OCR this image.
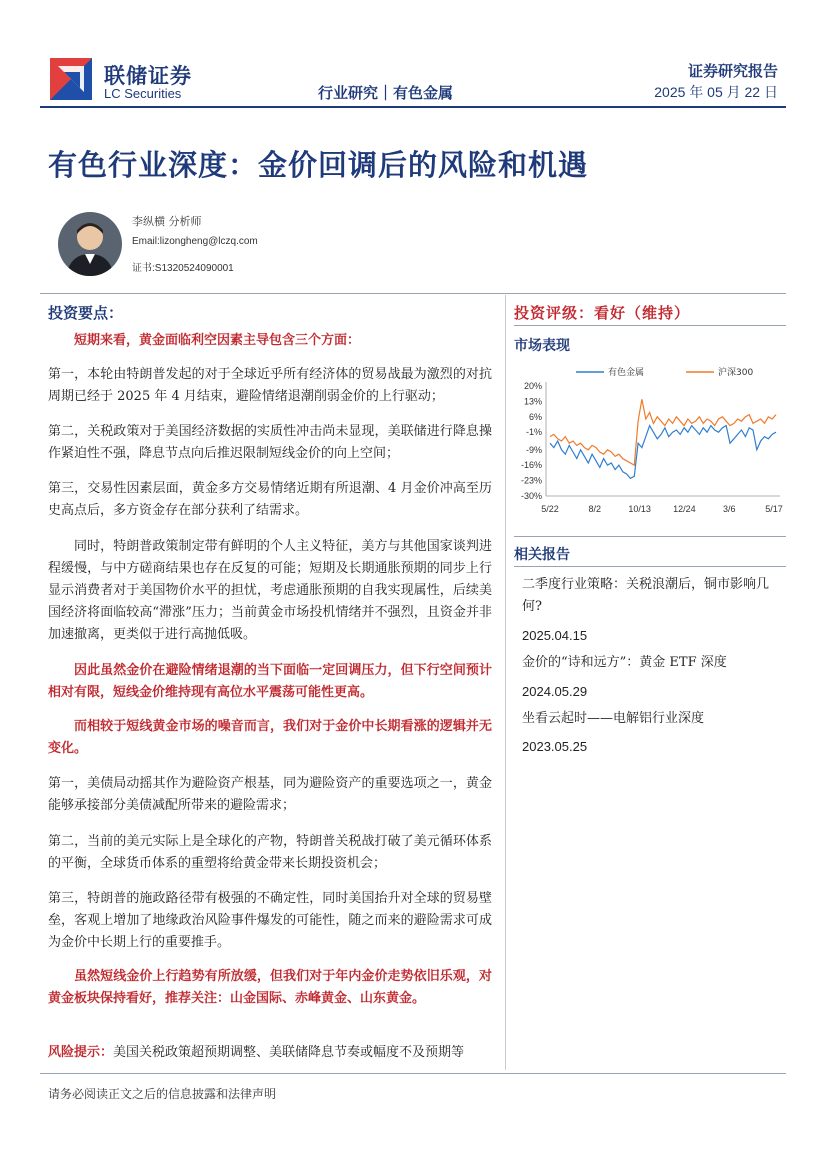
联储证券
LC Securities	行业研究｜有色金属
证券研究报告
2025 年 05 月 22 日
有色行业深度：金价回调后的风险和机遇
李纵横 分析师
Email:lizongheng@lczq.com
证书:S1320524090001
投资要点：

短期来看，黄金面临利空因素主导包含三个方面：

第一，本轮由特朗普发起的对于全球近乎所有经济体的贸易战最为激烈的对抗周期已经于 2025 年 4 月结束，避险情绪退潮削弱金价的上行驱动；

第二，关税政策对于美国经济数据的实质性冲击尚未显现，美联储进行降息操作紧迫性不强，降息节点向后推迟限制短线金价的向上空间；

第三，交易性因素层面，黄金多方交易情绪近期有所退潮、4 月金价冲高至历史高点后，多方资金存在部分获利了结需求。

同时，特朗普政策制定带有鲜明的个人主义特征，美方与其他国家谈判进程缓慢，与中方磋商结果也存在反复的可能；短期及长期通胀预期的同步上行显示消费者对于美国物价水平的担忧，考虑通胀预期的自我实现属性，后续美国经济将面临较高“滞涨”压力；当前黄金市场投机情绪并不强烈，且资金并非加速撤离，更类似于进行高抛低吸。

因此虽然金价在避险情绪退潮的当下面临一定回调压力，但下行空间预计相对有限，短线金价维持现有高位水平震荡可能性更高。

而相较于短线黄金市场的噪音而言，我们对于金价中长期看涨的逻辑并无变化。

第一，美债局动摇其作为避险资产根基，同为避险资产的重要选项之一，黄金能够承接部分美债减配所带来的避险需求；

第二，当前的美元实际上是全球化的产物，特朗普关税战打破了美元循环体系的平衡，全球货币体系的重塑将给黄金带来长期投资机会；

第三，特朗普的施政路径带有极强的不确定性，同时美国抬升对全球的贸易壁垒，客观上增加了地缘政治风险事件爆发的可能性，随之而来的避险需求可成为金价中长期上行的重要推手。

虽然短线金价上行趋势有所放缓，但我们对于年内金价走势依旧乐观，对黄金板块保持看好，推荐关注：山金国际、赤峰黄金、山东黄金。

风险提示：美国关税政策超预期调整、美联储降息节奏或幅度不及预期等

投资评级：看好（维持）
市场表现
有色金属	沪深300
20%
13%
6%
-1%
-9%
-16%
-23%
-30%
5/22	8/2	10/13 12/24	3/6	5/17
相关报告
二季度行业策略：关税浪潮后，铜市影响几何?
2025.04.15
金价的“诗和远方”：黄金 ETF 深度
2024.05.29
坐看云起时——电解铝行业深度
2023.05.25
请务必阅读正文之后的信息披露和法律声明
